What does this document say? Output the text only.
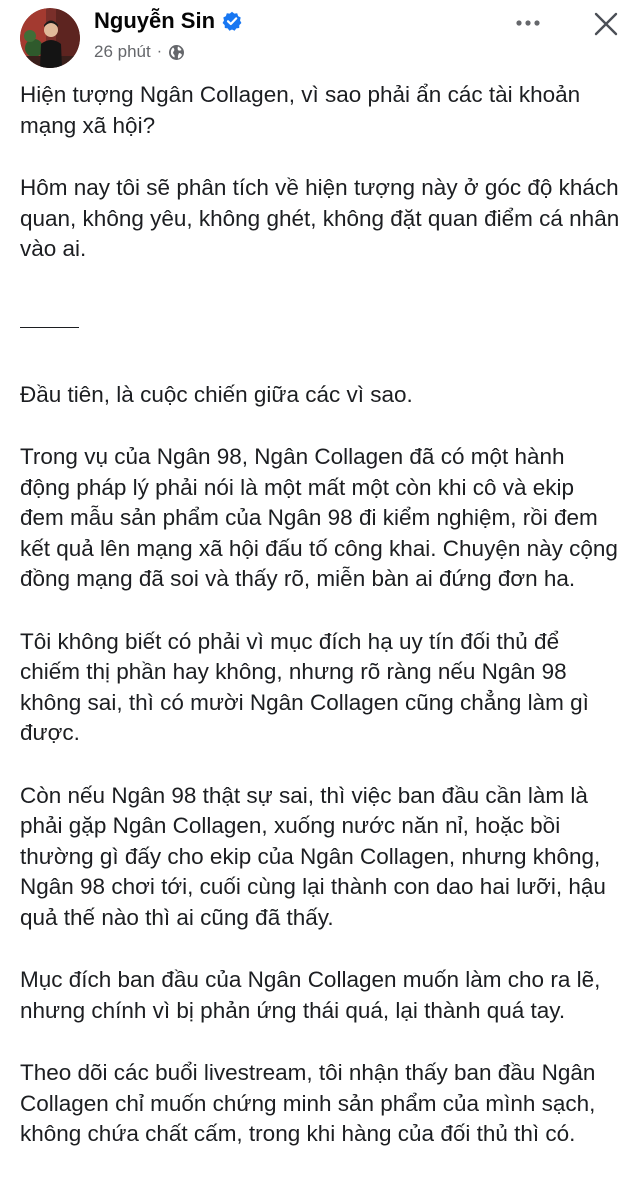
Nguyễn Sin
26 phút ·

Hiện tượng Ngân Collagen, vì sao phải ẩn các tài khoản mạng xã hội?

Hôm nay tôi sẽ phân tích về hiện tượng này ở góc độ khách quan, không yêu, không ghét, không đặt quan điểm cá nhân vào ai.

Đầu tiên, là cuộc chiến giữa các vì sao.

Trong vụ của Ngân 98, Ngân Collagen đã có một hành động pháp lý phải nói là một mất một còn khi cô và ekip đem mẫu sản phẩm của Ngân 98 đi kiểm nghiệm, rồi đem kết quả lên mạng xã hội đấu tố công khai. Chuyện này cộng đồng mạng đã soi và thấy rõ, miễn bàn ai đứng đơn ha.

Tôi không biết có phải vì mục đích hạ uy tín đối thủ để chiếm thị phần hay không, nhưng rõ ràng nếu Ngân 98 không sai, thì có mười Ngân Collagen cũng chẳng làm gì được.

Còn nếu Ngân 98 thật sự sai, thì việc ban đầu cần làm là phải gặp Ngân Collagen, xuống nước năn nỉ, hoặc bồi thường gì đấy cho ekip của Ngân Collagen, nhưng không, Ngân 98 chơi tới, cuối cùng lại thành con dao hai lưỡi, hậu quả thế nào thì ai cũng đã thấy.

Mục đích ban đầu của Ngân Collagen muốn làm cho ra lẽ, nhưng chính vì bị phản ứng thái quá, lại thành quá tay.

Theo dõi các buổi livestream, tôi nhận thấy ban đầu Ngân Collagen chỉ muốn chứng minh sản phẩm của mình sạch, không chứa chất cấm, trong khi hàng của đối thủ thì có.
